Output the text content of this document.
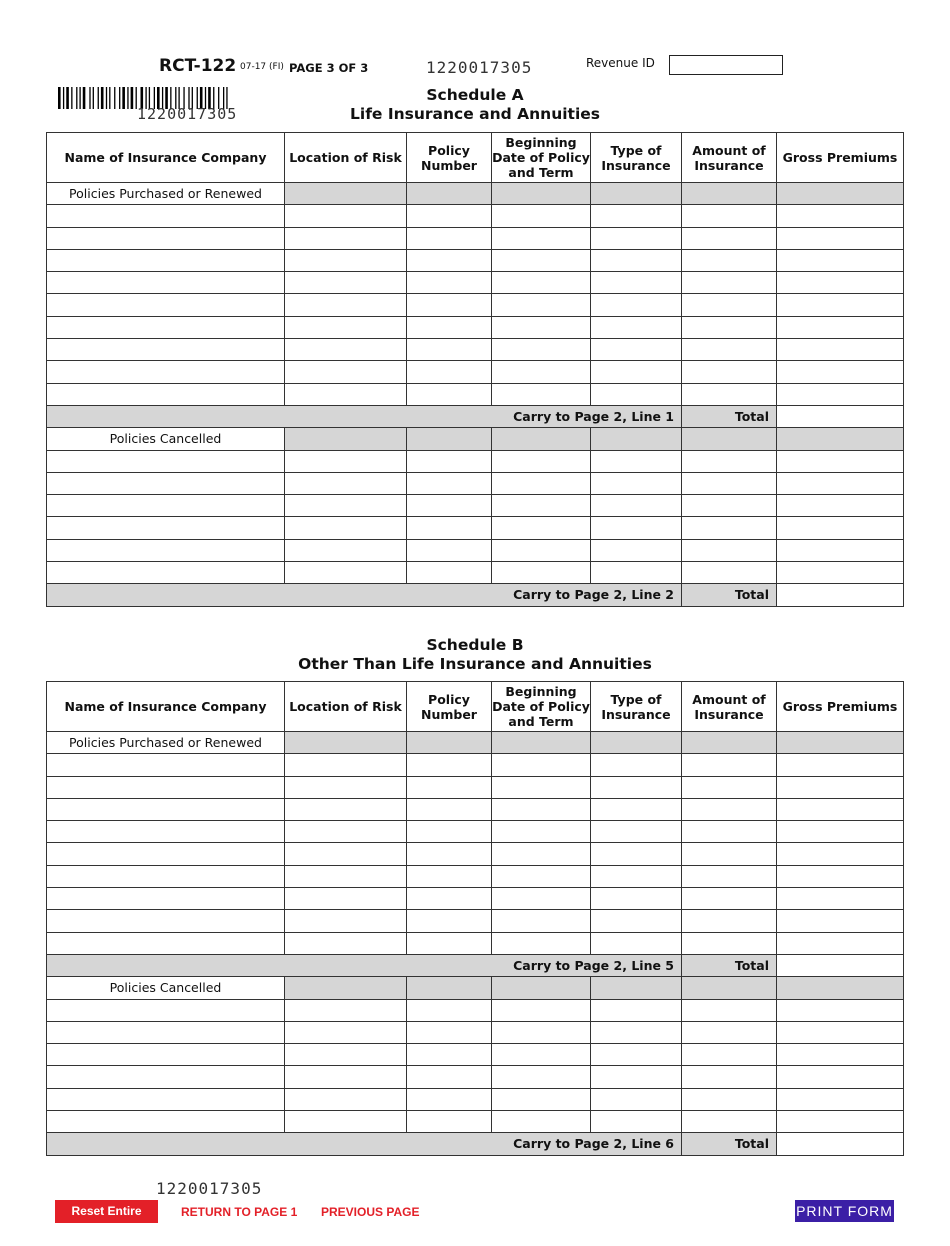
RCT-122 07-17 (FI) PAGE 3 OF 3	1220017305	Revenue ID
1220017305
Schedule A
Life Insurance and Annuities
Name of Insurance Company	Location of Risk	Policy Number	Beginning Date of Policy and Term	Type of Insurance	Amount of Insurance	Gross Premiums
Policies Purchased or Renewed						

Carry to Page 2, Line 1					Total	
Policies Cancelled						

Carry to Page 2, Line 2					Total	
Schedule B
Other Than Life Insurance and Annuities
Name of Insurance Company	Location of Risk	Policy Number	Beginning Date of Policy and Term	Type of Insurance	Amount of Insurance	Gross Premiums
Policies Purchased or Renewed						

Carry to Page 2, Line 5					Total	
Policies Cancelled						

Carry to Page 2, Line 6					Total	
1220017305
Reset Entire Form
RETURN TO PAGE 1 PREVIOUS PAGE	PRINT FORM
